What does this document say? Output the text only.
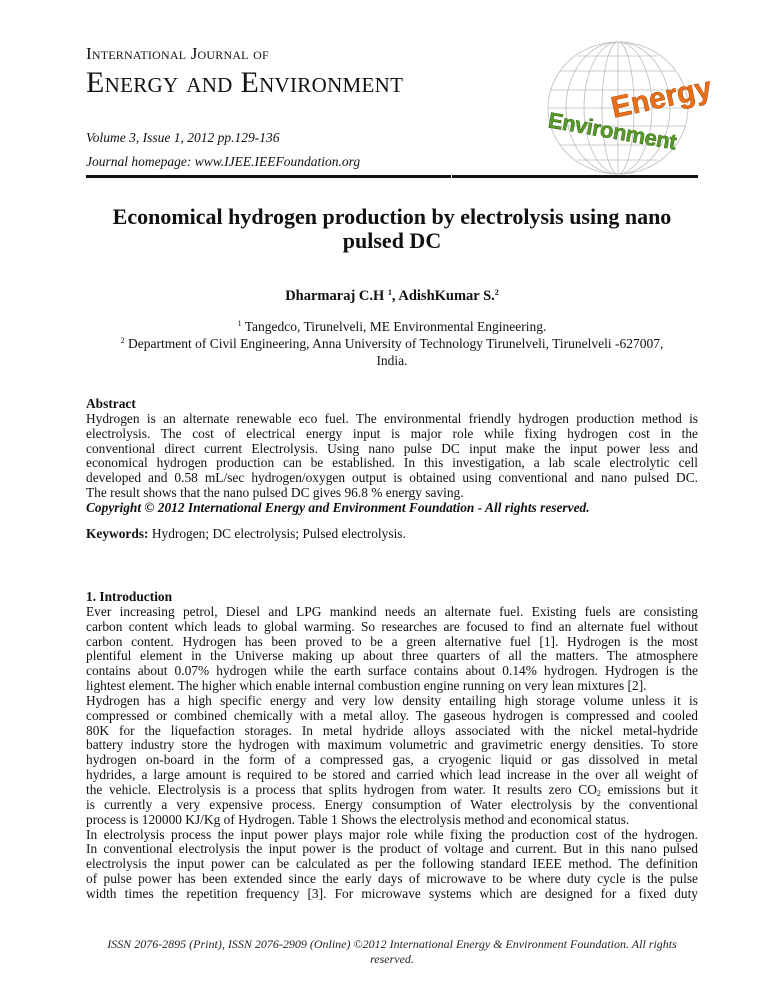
International Journal of
Energy and Environment
Volume 3, Issue 1, 2012 pp.129-136
Journal homepage: www.IJEE.IEEFoundation.org
Energy
Environment
Economical hydrogen production by electrolysis using nano
pulsed DC
Dharmaraj C.H $^1$, AdishKumar S.$^2$
$^1$ Tangedco, Tirunelveli, ME Environmental Engineering.
$^2$ Department of Civil Engineering, Anna University of Technology Tirunelveli, Tirunelveli -627007,
India.
Abstract
Hydrogen is an alternate renewable eco fuel. The environmental friendly hydrogen production method is
electrolysis. The cost of electrical energy input is major role while fixing hydrogen cost in the
conventional direct current Electrolysis. Using nano pulse DC input make the input power less and
economical hydrogen production can be established. In this investigation, a lab scale electrolytic cell
developed and 0.58 mL/sec hydrogen/oxygen output is obtained using conventional and nano pulsed DC.
The result shows that the nano pulsed DC gives 96.8 % energy saving.
Copyright © 2012 International Energy and Environment Foundation - All rights reserved.
Keywords: Hydrogen; DC electrolysis; Pulsed electrolysis.
1. Introduction
Ever increasing petrol, Diesel and LPG mankind needs an alternate fuel. Existing fuels are consisting
carbon content which leads to global warming. So researches are focused to find an alternate fuel without
carbon content. Hydrogen has been proved to be a green alternative fuel [1]. Hydrogen is the most
plentiful element in the Universe making up about three quarters of all the matters. The atmosphere
contains about 0.07% hydrogen while the earth surface contains about 0.14% hydrogen. Hydrogen is the
lightest element. The higher which enable internal combustion engine running on very lean mixtures [2].
Hydrogen has a high specific energy and very low density entailing high storage volume unless it is
compressed or combined chemically with a metal alloy. The gaseous hydrogen is compressed and cooled
80K for the liquefaction storages. In metal hydride alloys associated with the nickel metal-hydride
battery industry store the hydrogen with maximum volumetric and gravimetric energy densities. To store
hydrogen on-board in the form of a compressed gas, a cryogenic liquid or gas dissolved in metal
hydrides, a large amount is required to be stored and carried which lead increase in the over all weight of
the vehicle. Electrolysis is a process that splits hydrogen from water. It results zero $CO_2$ emissions but it
is currently a very expensive process. Energy consumption of Water electrolysis by the conventional
process is 120000 KJ/Kg of Hydrogen. Table 1 Shows the electrolysis method and economical status.
In electrolysis process the input power plays major role while fixing the production cost of the hydrogen.
In conventional electrolysis the input power is the product of voltage and current. But in this nano pulsed
electrolysis the input power can be calculated as per the following standard IEEE method. The definition
of pulse power has been extended since the early days of microwave to be where duty cycle is the pulse
width times the repetition frequency [3]. For microwave systems which are designed for a fixed duty
ISSN 2076-2895 (Print), ISSN 2076-2909 (Online) ©2012 International Energy & Environment Foundation. All rights reserved.
